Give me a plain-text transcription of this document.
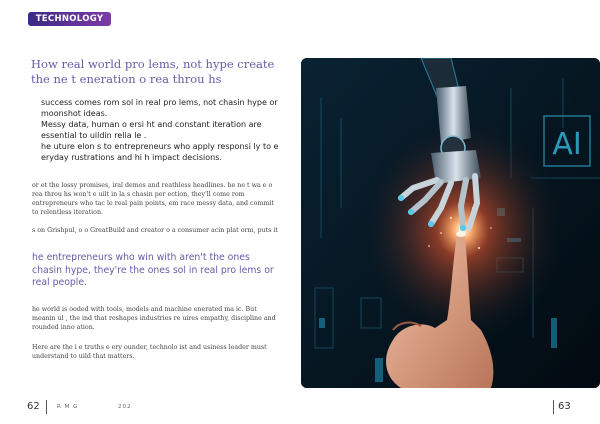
TECHNOLOGY
How real world pro lems, not hype create the ne t eneration o rea throu hs

success comes rom sol in real pro lems, not chasin hype or moonshot ideas.

Messy data, human o ersi ht and constant iteration are essential to uildin relia le .

he uture elon s to entrepreneurs who apply responsi ly to e eryday rustrations and hi h impact decisions.

or et the lossy promises, iral demos and reathless headlines. he ne t wa e o rea throu hs won't e uilt in la s chasin per ection, they'll come rom entrepreneurs who tac le real pain points, em race messy data, and commit to relentless iteration.

s on Grishpul, o o GreatBuild and creator o a consumer acin plat orm, puts it

he entrepreneurs who win with aren't the ones chasin hype, they're the ones sol in real pro lems or real people.

he world is ooded with tools, models and machine enerated ma ic. But meanin ul , the ind that reshapes industries re uires empathy, discipline and rounded inno ation.

Here are the i e truths e ery ounder, technolo ist and usiness leader must understand to uild that matters.

62	R M G	202	63
